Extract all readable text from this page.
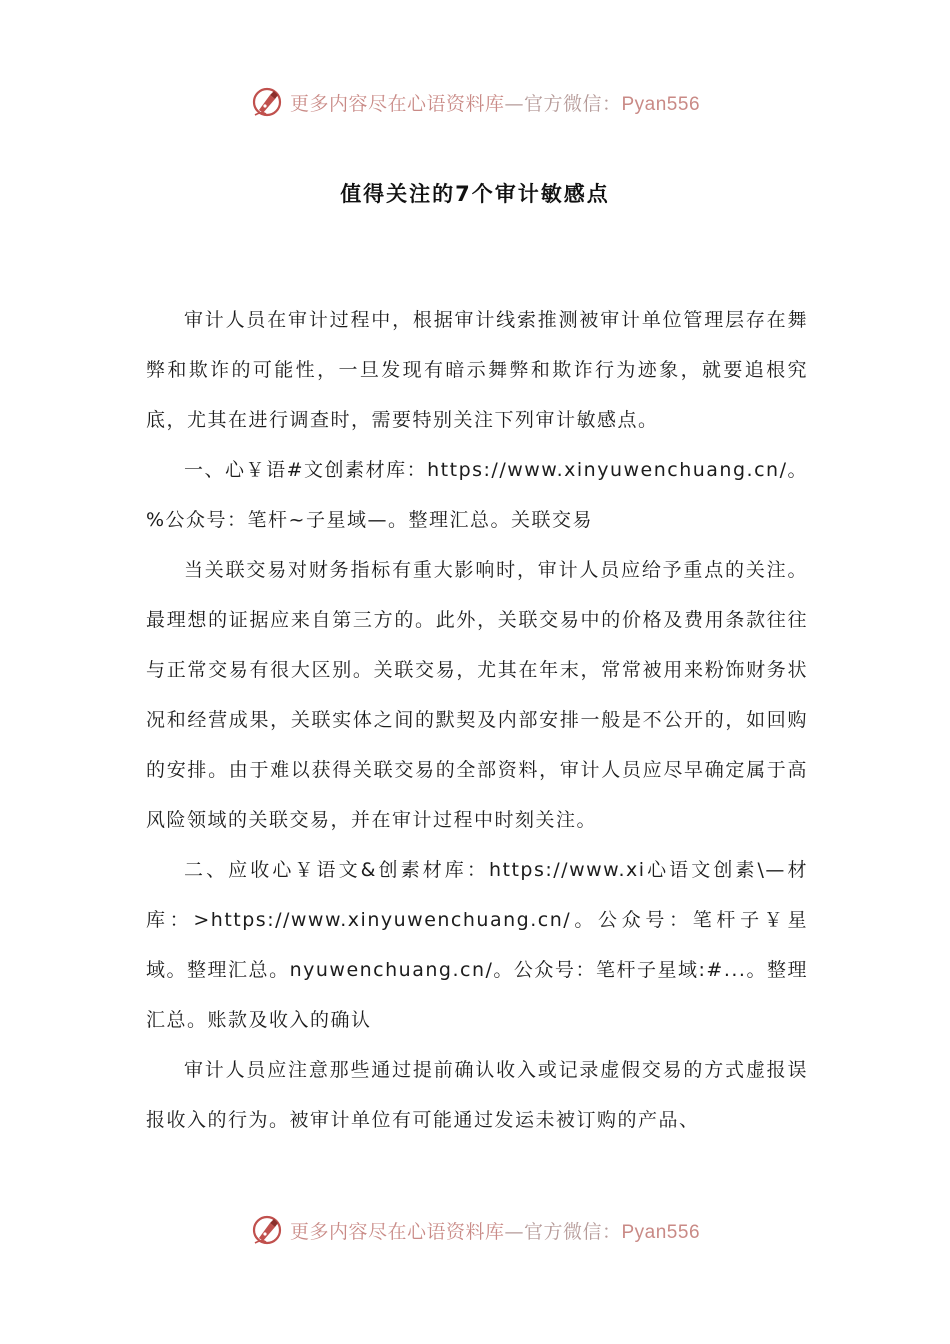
更多内容尽在心语资料库—官方微信：Pyan556
值得关注的7个审计敏感点

审计人员在审计过程中，根据审计线索推测被审计单位管理层存在舞弊和欺诈的可能性，一旦发现有暗示舞弊和欺诈行为迹象，就要追根究底，尤其在进行调查时，需要特别关注下列审计敏感点。

一、心￥语#文创素材库：https://www.xinyuwenchuang.cn/。%公众号：笔杆~子星域—。整理汇总。关联交易

当关联交易对财务指标有重大影响时，审计人员应给予重点的关注。最理想的证据应来自第三方的。此外，关联交易中的价格及费用条款往往与正常交易有很大区别。关联交易，尤其在年末，常常被用来粉饰财务状况和经营成果，关联实体之间的默契及内部安排一般是不公开的，如回购的安排。由于难以获得关联交易的全部资料，审计人员应尽早确定属于高风险领域的关联交易，并在审计过程中时刻关注。

二、应收心￥语文&创素材库：https://www.xi心语文创素\—材库：>https://www.xinyuwenchuang.cn/。公众号：笔杆子￥星域。整理汇总。nyuwenchuang.cn/。公众号：笔杆子星域:#...。整理汇总。账款及收入的确认

审计人员应注意那些通过提前确认收入或记录虚假交易的方式虚报误报收入的行为。被审计单位有可能通过发运未被订购的产品、

更多内容尽在心语资料库—官方微信：Pyan556
